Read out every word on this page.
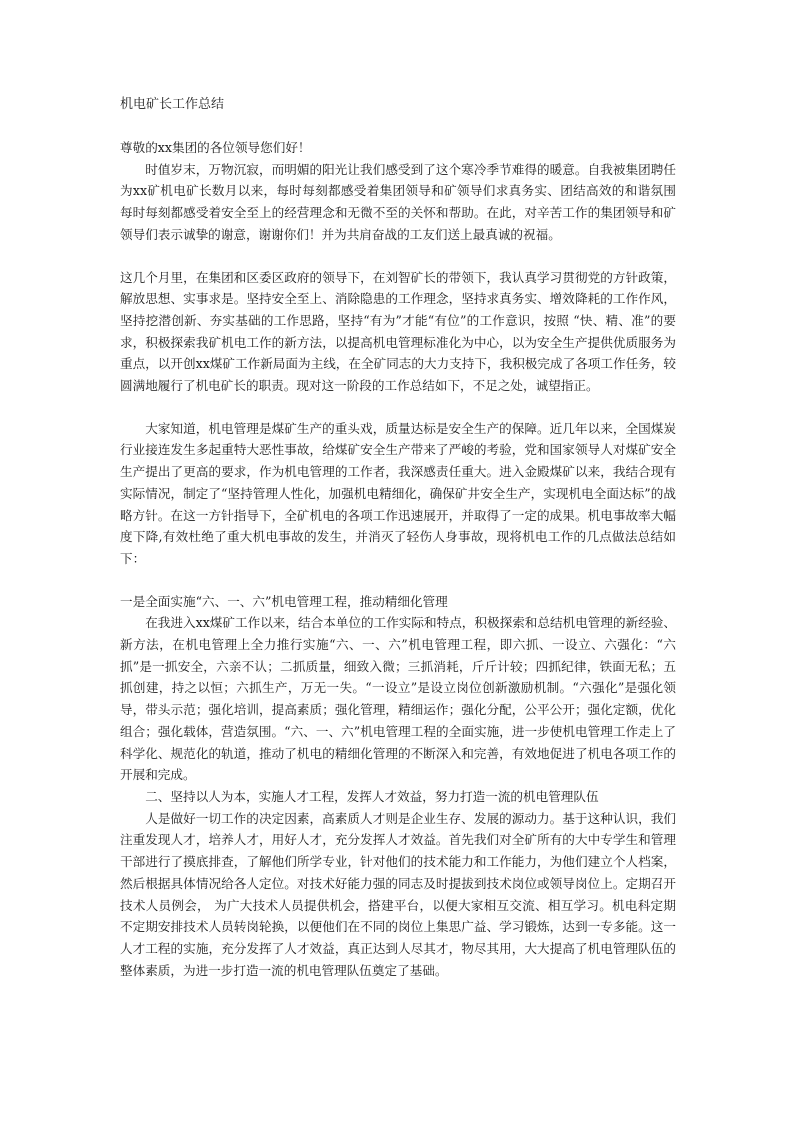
机电矿长工作总结

尊敬的xx集团的各位领导您们好！

时值岁末，万物沉寂，而明媚的阳光让我们感受到了这个寒冷季节难得的暖意。自我被集团聘任为xx矿机电矿长数月以来，每时每刻都感受着集团领导和矿领导们求真务实、团结高效的和谐氛围 每时每刻都感受着安全至上的经营理念和无微不至的关怀和帮助。在此，对辛苦工作的集团领导和矿领导们表示诚挚的谢意，谢谢你们！并为共肩奋战的工友们送上最真诚的祝福。

这几个月里，在集团和区委区政府的领导下，在刘智矿长的带领下，我认真学习贯彻党的方针政策，解放思想、实事求是。坚持安全至上、消除隐患的工作理念，坚持求真务实、增效降耗的工作作风，坚持挖潜创新、夯实基础的工作思路，坚持“有为”才能“有位”的工作意识，按照 “快、精、准”的要求，积极探索我矿机电工作的新方法，以提高机电管理标准化为中心，以为安全生产提供优质服务为重点，以开创xx煤矿工作新局面为主线，在全矿同志的大力支持下，我积极完成了各项工作任务，较圆满地履行了机电矿长的职责。现对这一阶段的工作总结如下，不足之处，诚望指正。

大家知道，机电管理是煤矿生产的重头戏，质量达标是安全生产的保障。近几年以来，全国煤炭行业接连发生多起重特大恶性事故，给煤矿安全生产带来了严峻的考验，党和国家领导人对煤矿安全生产提出了更高的要求，作为机电管理的工作者，我深感责任重大。进入金殿煤矿以来，我结合现有实际情况，制定了“坚持管理人性化，加强机电精细化，确保矿井安全生产，实现机电全面达标”的战略方针。在这一方针指导下，全矿机电的各项工作迅速展开，并取得了一定的成果。机电事故率大幅度下降,有效杜绝了重大机电事故的发生，并消灭了轻伤人身事故，现将机电工作的几点做法总结如下：

一是全面实施“六、一、六”机电管理工程，推动精细化管理

在我进入xx煤矿工作以来，结合本单位的工作实际和特点，积极探索和总结机电管理的新经验、新方法，在机电管理上全力推行实施“六、一、六”机电管理工程，即六抓、一设立、六强化：“六抓”是一抓安全，六亲不认；二抓质量，细致入微；三抓消耗，斤斤计较；四抓纪律，铁面无私；五抓创建，持之以恒；六抓生产，万无一失。“一设立”是设立岗位创新激励机制。“六强化”是强化领导，带头示范；强化培训，提高素质；强化管理，精细运作；强化分配，公平公开；强化定额，优化组合；强化载体，营造氛围。“六、一、六”机电管理工程的全面实施，进一步使机电管理工作走上了科学化、规范化的轨道，推动了机电的精细化管理的不断深入和完善，有效地促进了机电各项工作的开展和完成。

二、坚持以人为本，实施人才工程，发挥人才效益，努力打造一流的机电管理队伍

人是做好一切工作的决定因素，高素质人才则是企业生存、发展的源动力。基于这种认识，我们注重发现人才，培养人才，用好人才，充分发挥人才效益。首先我们对全矿所有的大中专学生和管理干部进行了摸底排查，了解他们所学专业，针对他们的技术能力和工作能力，为他们建立个人档案，然后根据具体情况给各人定位。对技术好能力强的同志及时提拔到技术岗位或领导岗位上。定期召开技术人员例会， 为广大技术人员提供机会，搭建平台，以便大家相互交流、相互学习。机电科定期不定期安排技术人员转岗轮换，以便他们在不同的岗位上集思广益、学习锻炼，达到一专多能。这一人才工程的实施，充分发挥了人才效益，真正达到人尽其才，物尽其用，大大提高了机电管理队伍的整体素质，为进一步打造一流的机电管理队伍奠定了基础。
